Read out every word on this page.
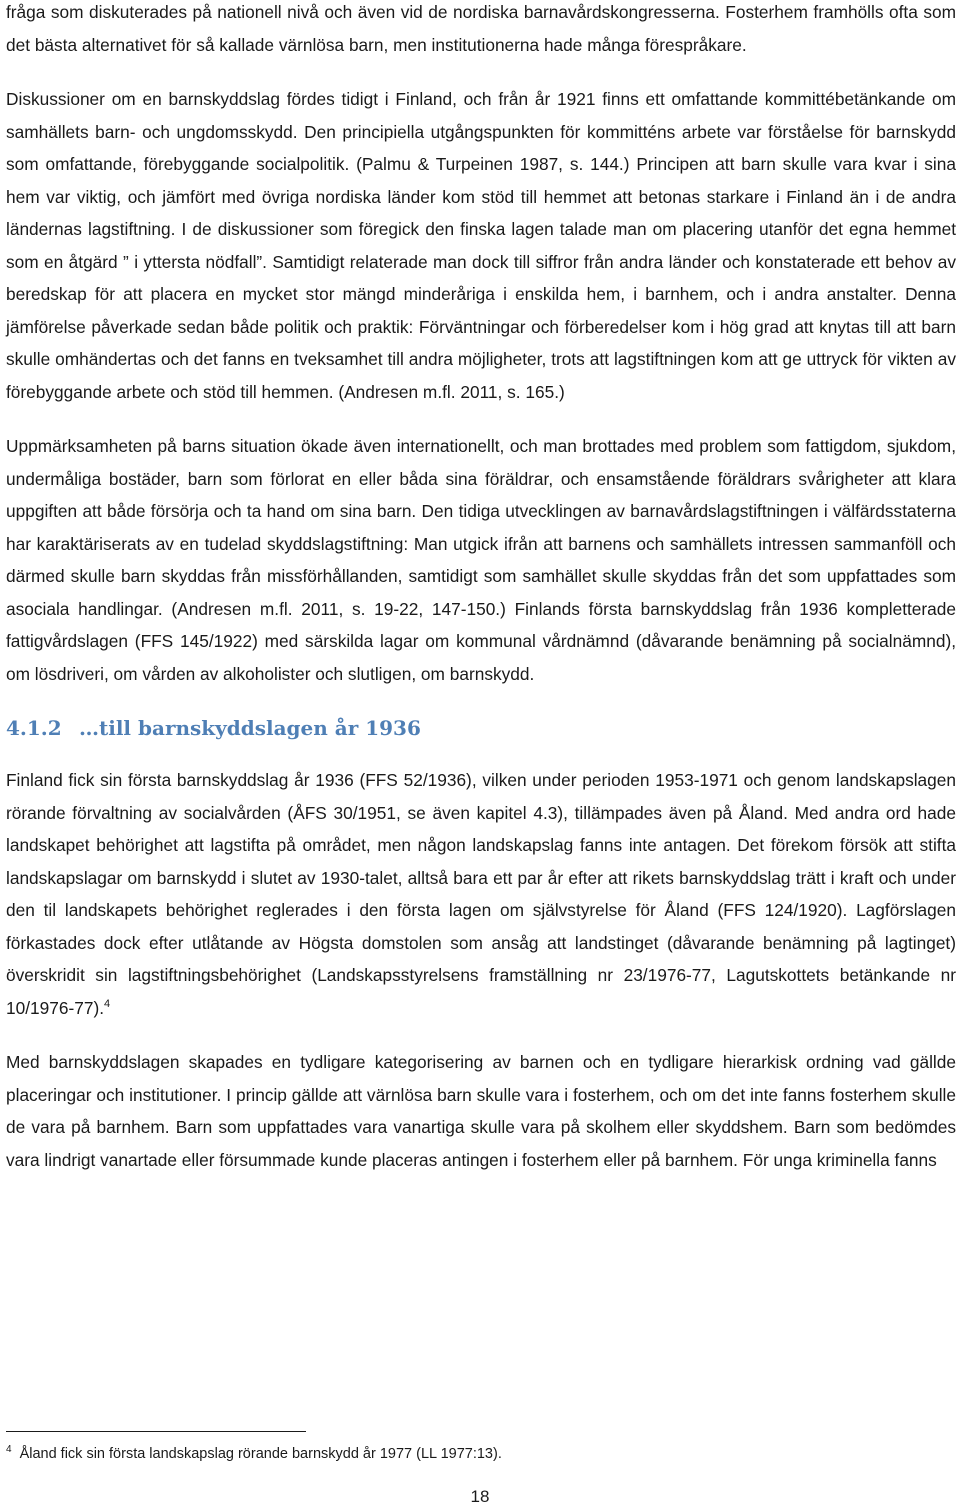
fråga som diskuterades på nationell nivå och även vid de nordiska barnavårdskongresserna. Fosterhem framhölls ofta som det bästa alternativet för så kallade värnlösa barn, men institutionerna hade många förespråkare.

Diskussioner om en barnskyddslag fördes tidigt i Finland, och från år 1921 finns ett omfattande kommittébetänkande om samhällets barn- och ungdomsskydd. Den principiella utgångspunkten för kommitténs arbete var förståelse för barnskydd som omfattande, förebyggande socialpolitik. (Palmu & Turpeinen 1987, s. 144.) Principen att barn skulle vara kvar i sina hem var viktig, och jämfört med övriga nordiska länder kom stöd till hemmet att betonas starkare i Finland än i de andra ländernas lagstiftning. I de diskussioner som föregick den finska lagen talade man om placering utanför det egna hemmet som en åtgärd ” i yttersta nödfall”. Samtidigt relaterade man dock till siffror från andra länder och konstaterade ett behov av beredskap för att placera en mycket stor mängd minderåriga i enskilda hem, i barnhem, och i andra anstalter. Denna jämförelse påverkade sedan både politik och praktik: Förväntningar och förberedelser kom i hög grad att knytas till att barn skulle omhändertas och det fanns en tveksamhet till andra möjligheter, trots att lagstiftningen kom att ge uttryck för vikten av förebyggande arbete och stöd till hemmen. (Andresen m.fl. 2011, s. 165.)

Uppmärksamheten på barns situation ökade även internationellt, och man brottades med problem som fattigdom, sjukdom, undermåliga bostäder, barn som förlorat en eller båda sina föräldrar, och ensamstående föräldrars svårigheter att klara uppgiften att både försörja och ta hand om sina barn. Den tidiga utvecklingen av barnavårdslagstiftningen i välfärdsstaterna har karaktäriserats av en tudelad skyddslagstiftning: Man utgick ifrån att barnens och samhällets intressen sammanföll och därmed skulle barn skyddas från missförhållanden, samtidigt som samhället skulle skyddas från det som uppfattades som asociala handlingar. (Andresen m.fl. 2011, s. 19-22, 147-150.) Finlands första barnskyddslag från 1936 kompletterade fattigvårdslagen (FFS 145/1922) med särskilda lagar om kommunal vårdnämnd (dåvarande benämning på socialnämnd), om lösdriveri, om vården av alkoholister och slutligen, om barnskydd.

4.1.2 …till barnskyddslagen år 1936

Finland fick sin första barnskyddslag år 1936 (FFS 52/1936), vilken under perioden 1953-1971 och genom landskapslagen rörande förvaltning av socialvården (ÅFS 30/1951, se även kapitel 4.3), tillämpades även på Åland. Med andra ord hade landskapet behörighet att lagstifta på området, men någon landskapslag fanns inte antagen. Det förekom försök att stifta landskapslagar om barnskydd i slutet av 1930-talet, alltså bara ett par år efter att rikets barnskyddslag trätt i kraft och under den til landskapets behörighet reglerades i den första lagen om självstyrelse för Åland (FFS 124/1920). Lagförslagen förkastades dock efter utlåtande av Högsta domstolen som ansåg att landstinget (dåvarande benämning på lagtinget) överskridit sin lagstiftningsbehörighet (Landskapsstyrelsens framställning nr 23/1976-77, Lagutskottets betänkande nr 10/1976-77).$^4$

Med barnskyddslagen skapades en tydligare kategorisering av barnen och en tydligare hierarkisk ordning vad gällde placeringar och institutioner. I princip gällde att värnlösa barn skulle vara i fosterhem, och om det inte fanns fosterhem skulle de vara på barnhem. Barn som uppfattades vara vanartiga skulle vara på skolhem eller skyddshem. Barn som bedömdes vara lindrigt vanartade eller försummade kunde placeras antingen i fosterhem eller på barnhem. För unga kriminella fanns

$^4$ Åland fick sin första landskapslag rörande barnskydd år 1977 (LL 1977:13).
18
